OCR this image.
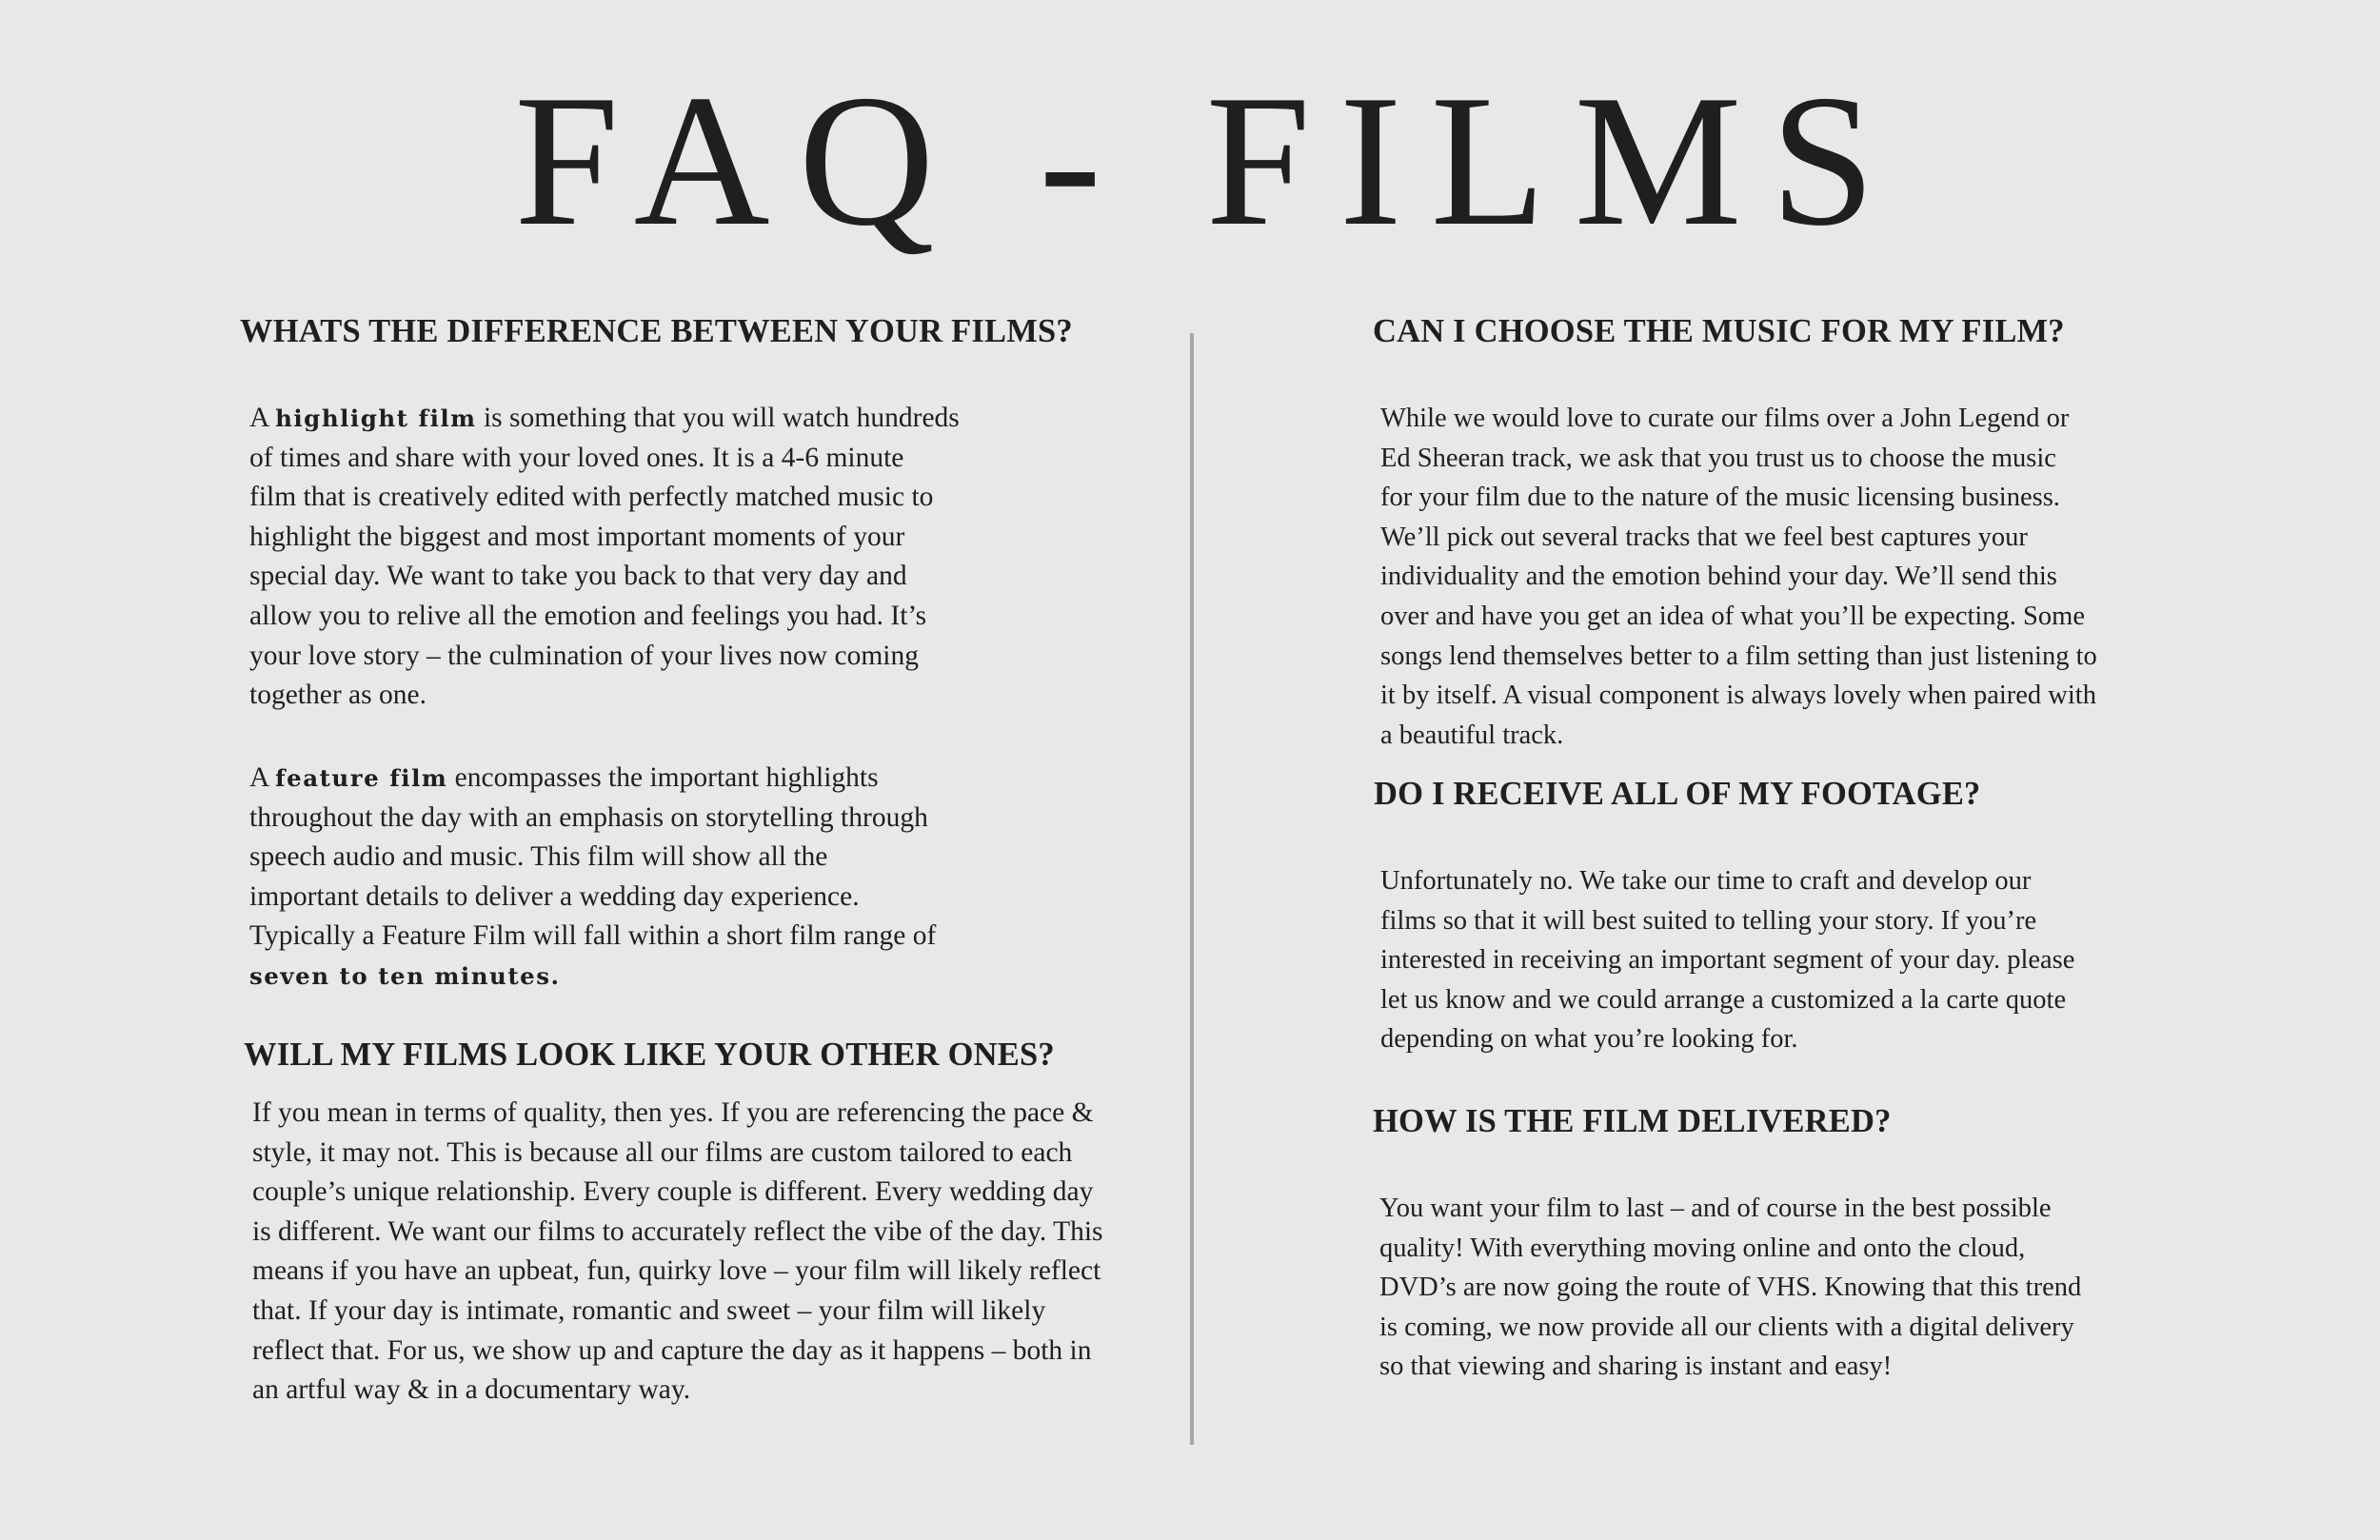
FAQ - FILMS
WHATS THE DIFFERENCE BETWEEN YOUR FILMS?

A highlight film is something that you will watch hundreds
of times and share with your loved ones. It is a 4-6 minute
film that is creatively edited with perfectly matched music to
highlight the biggest and most important moments of your
special day. We want to take you back to that very day and
allow you to relive all the emotion and feelings you had. It’s
your love story – the culmination of your lives now coming
together as one.

A feature film encompasses the important highlights
throughout the day with an emphasis on storytelling through
speech audio and music. This film will show all the
important details to deliver a wedding day experience.
Typically a Feature Film will fall within a short film range of
seven to ten minutes.

WILL MY FILMS LOOK LIKE YOUR OTHER ONES?

If you mean in terms of quality, then yes. If you are referencing the pace &
style, it may not. This is because all our films are custom tailored to each
couple’s unique relationship. Every couple is different. Every wedding day
is different. We want our films to accurately reflect the vibe of the day. This
means if you have an upbeat, fun, quirky love – your film will likely reflect
that. If your day is intimate, romantic and sweet – your film will likely
reflect that. For us, we show up and capture the day as it happens – both in
an artful way & in a documentary way.

CAN I CHOOSE THE MUSIC FOR MY FILM?

While we would love to curate our films over a John Legend or
Ed Sheeran track, we ask that you trust us to choose the music
for your film due to the nature of the music licensing business.
We’ll pick out several tracks that we feel best captures your
individuality and the emotion behind your day. We’ll send this
over and have you get an idea of what you’ll be expecting. Some
songs lend themselves better to a film setting than just listening to
it by itself. A visual component is always lovely when paired with
a beautiful track.

DO I RECEIVE ALL OF MY FOOTAGE?

Unfortunately no. We take our time to craft and develop our
films so that it will best suited to telling your story. If you’re
interested in receiving an important segment of your day. please
let us know and we could arrange a customized a la carte quote
depending on what you’re looking for.

HOW IS THE FILM DELIVERED?

You want your film to last – and of course in the best possible
quality! With everything moving online and onto the cloud,
DVD’s are now going the route of VHS. Knowing that this trend
is coming, we now provide all our clients with a digital delivery
so that viewing and sharing is instant and easy!
